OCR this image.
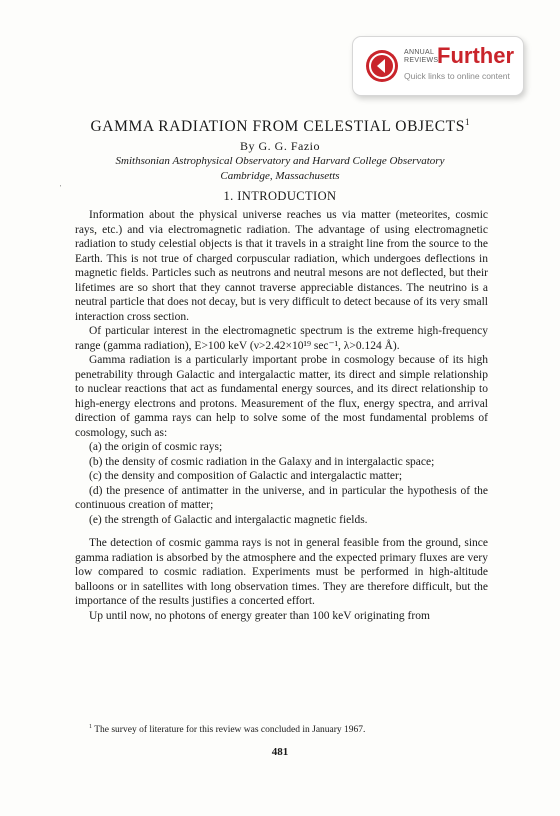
ANNUAL
REVIEWS
Further
Quick links to online content
GAMMA RADIATION FROM CELESTIAL OBJECTS$^1$
By G. G. Fazio
Smithsonian Astrophysical Observatory and Harvard College Observatory
Cambridge, Massachusetts
'
1. INTRODUCTION

Information about the physical universe reaches us via matter (meteorites, cosmic rays, etc.) and via electromagnetic radiation. The advantage of using electromagnetic radiation to study celestial objects is that it travels in a straight line from the source to the Earth. This is not true of charged corpuscular radiation, which undergoes deflections in magnetic fields. Particles such as neutrons and neutral mesons are not deflected, but their lifetimes are so short that they cannot traverse appreciable distances. The neutrino is a neutral particle that does not decay, but is very difficult to detect because of its very small interaction cross section.

Of particular interest in the electromagnetic spectrum is the extreme high-frequency range (gamma radiation), E>100 keV (ν>2.42×10¹⁹ sec⁻¹, λ>0.124 Å).

Gamma radiation is a particularly important probe in cosmology because of its high penetrability through Galactic and intergalactic matter, its direct and simple relationship to nuclear reactions that act as fundamental energy sources, and its direct relationship to high-energy electrons and protons. Measurement of the flux, energy spectra, and arrival direction of gamma rays can help to solve some of the most fundamental problems of cosmology, such as:

(a) the origin of cosmic rays;

(b) the density of cosmic radiation in the Galaxy and in intergalactic space;

(c) the density and composition of Galactic and intergalactic matter;

(d) the presence of antimatter in the universe, and in particular the hypothesis of the continuous creation of matter;

(e) the strength of Galactic and intergalactic magnetic fields.

The detection of cosmic gamma rays is not in general feasible from the ground, since gamma radiation is absorbed by the atmosphere and the expected primary fluxes are very low compared to cosmic radiation. Experiments must be performed in high-altitude balloons or in satellites with long observation times. They are therefore difficult, but the importance of the results justifies a concerted effort.

Up until now, no photons of energy greater than 100 keV originating from

$^1$ The survey of literature for this review was concluded in January 1967.
481
